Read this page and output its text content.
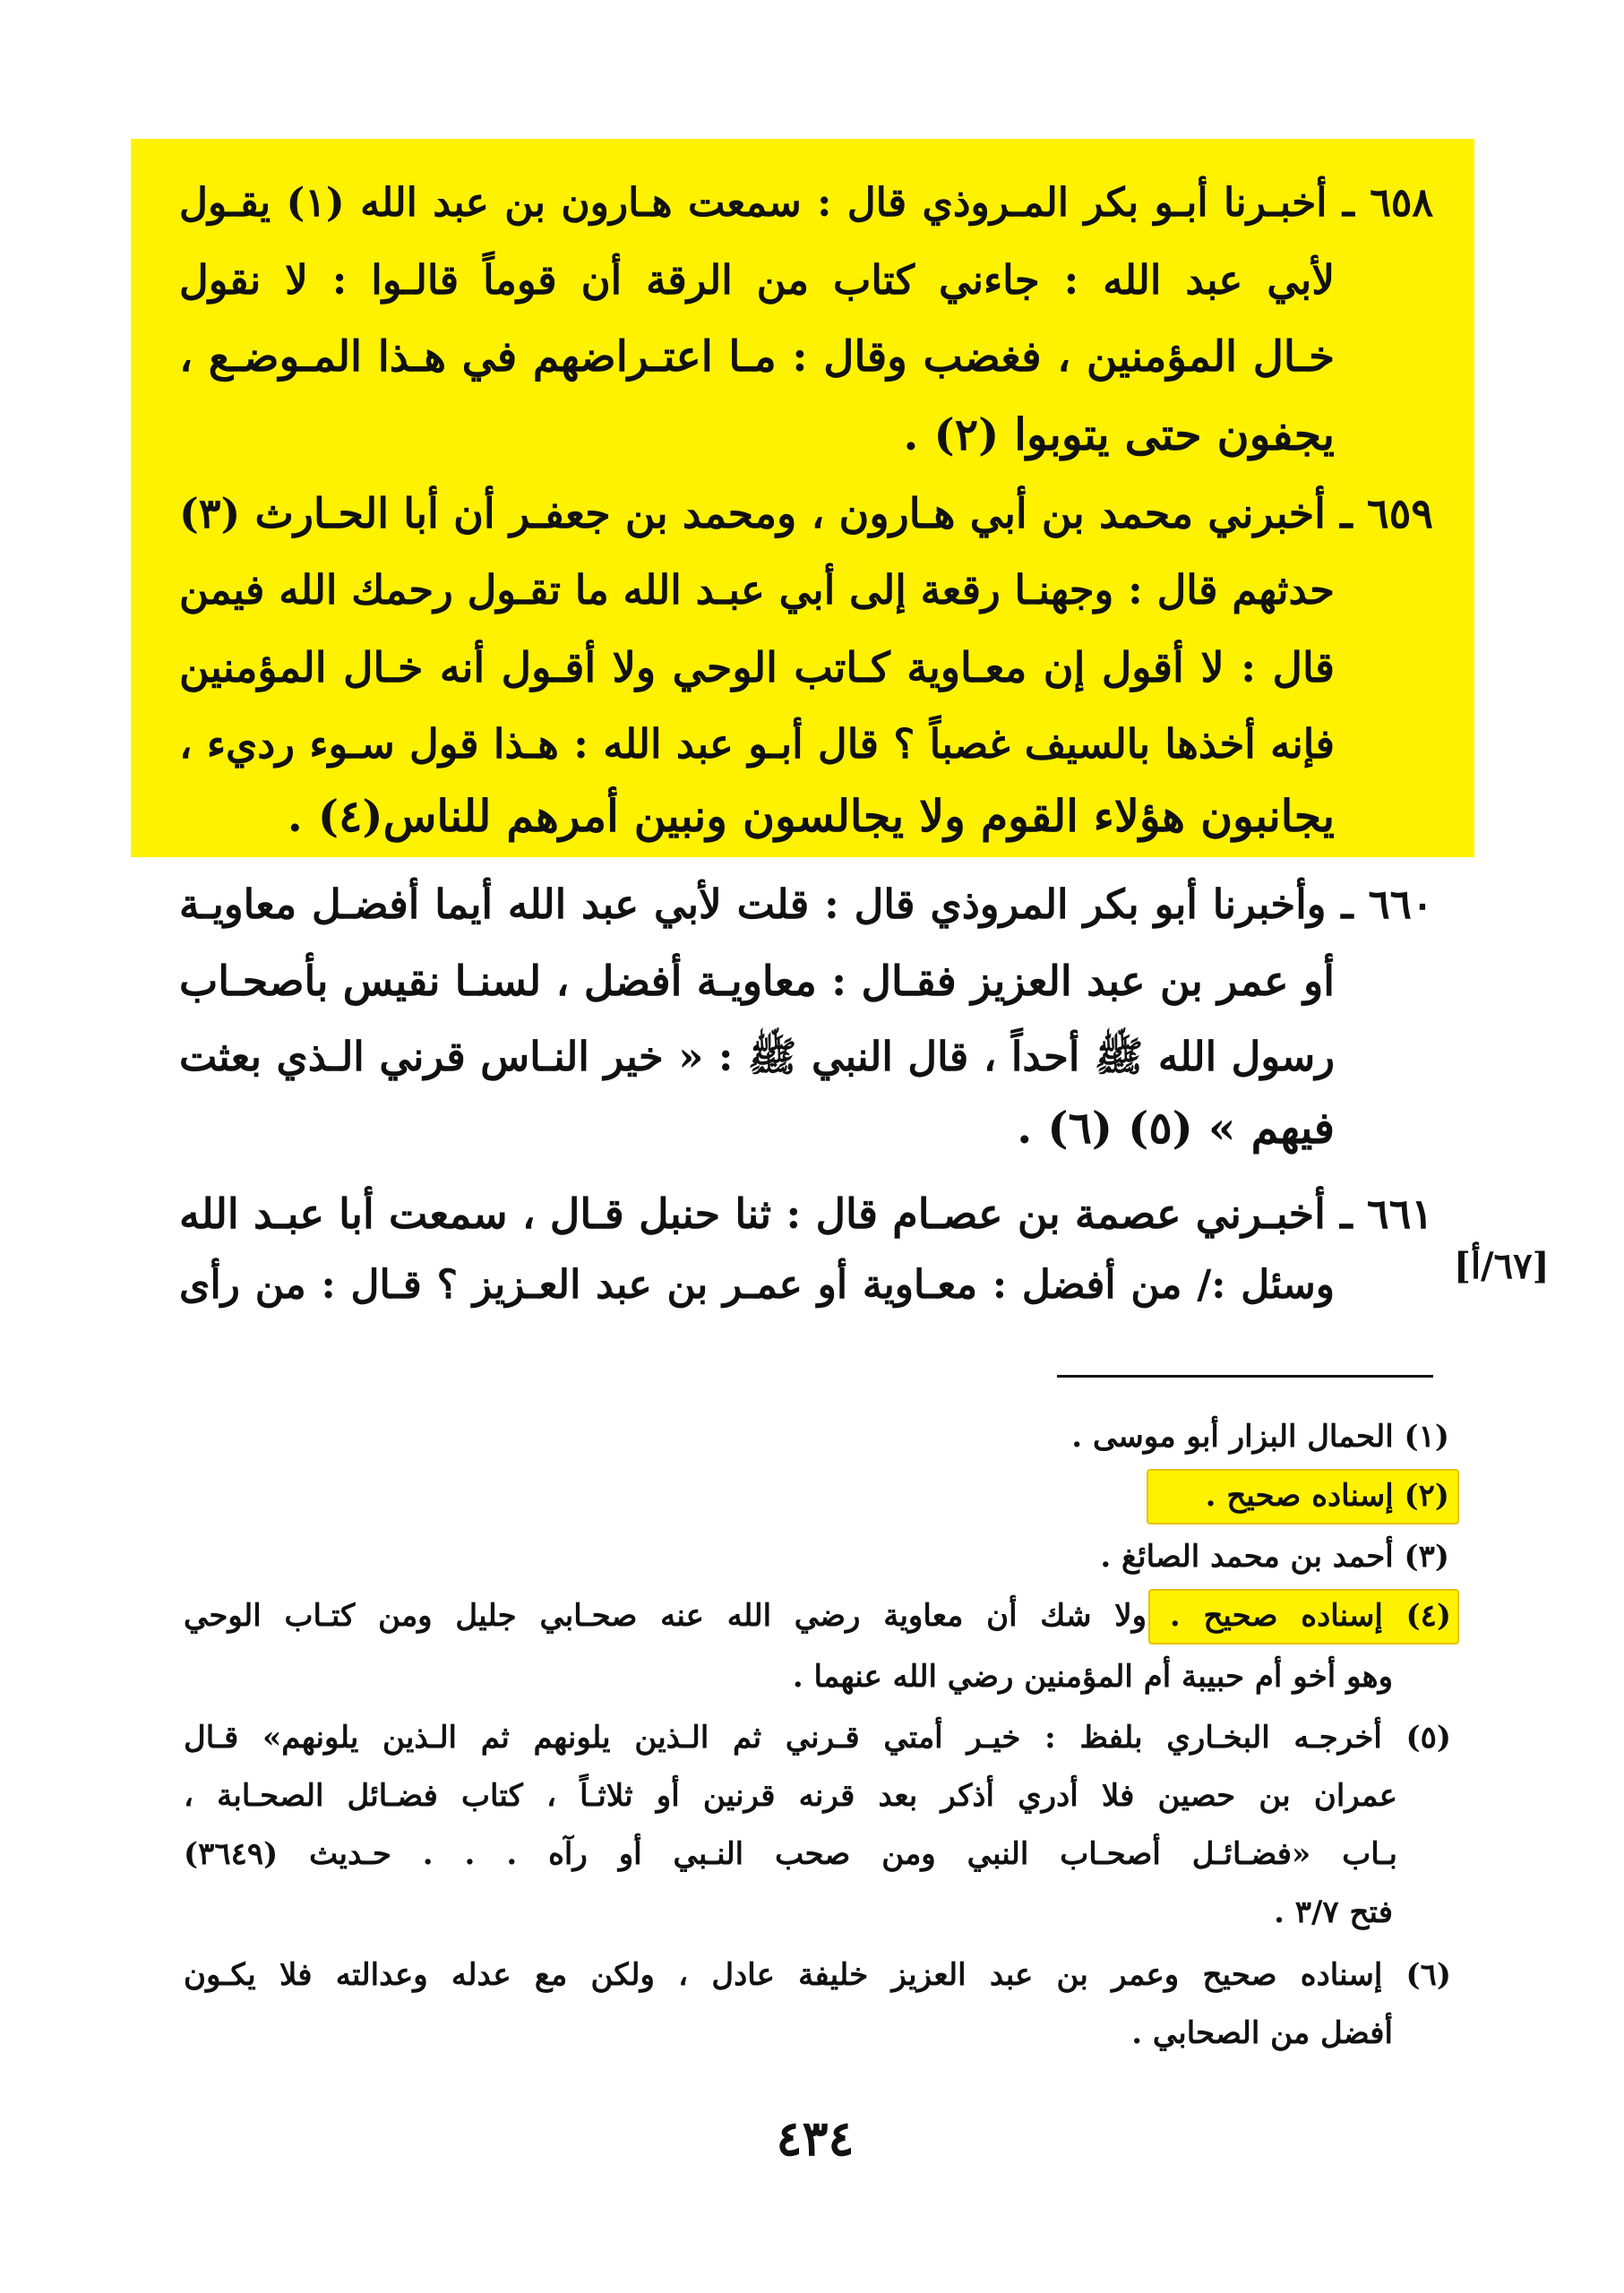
٦٥٨ ـ أخبـرنا أبـو بكر المـروذي قال : سمعت هـارون بن عبد الله (١) يقـول
لأبي عبد الله : جاءني كتاب من الرقة أن قوماً قالـوا : لا نقول
خـال المؤمنين ، فغضب وقال : مـا اعتـراضهم في هـذا المـوضـع ،
يجفون حتى يتوبوا (٢) .
٦٥٩ ـ أخبرني محمد بن أبي هـارون ، ومحمد بن جعفـر أن أبا الحـارث (٣)
حدثهم قال : وجهنـا رقعة إلى أبي عبـد الله ما تقـول رحمك الله فيمن
قال : لا أقول إن معـاوية كـاتب الوحي ولا أقـول أنه خـال المؤمنين
فإنه أخذها بالسيف غصباً ؟ قال أبـو عبد الله : هـذا قول سـوء رديء ،
يجانبون هؤلاء القوم ولا يجالسون ونبين أمرهم للناس(٤) .
٦٦٠ ـ وأخبرنا أبو بكر المروذي قال : قلت لأبي عبد الله أيما أفضـل معاويـة
أو عمر بن عبد العزيز فقـال : معاويـة أفضل ، لسنـا نقيس بأصحـاب
رسول الله ﷺ أحداً ، قال النبي ﷺ : « خير النـاس قرني الـذي بعثت
فيهم » (٥) (٦) .
٦٦١ ـ أخبـرني عصمة بن عصـام قال : ثنا حنبل قـال ، سمعت أبا عبـد الله
وسئل :/ من أفضل : معـاوية أو عمـر بن عبد العـزيز ؟ قـال : من رأى	[٦٧/أ]
(١) الحمال البزار أبو موسى .
(٢) إسناده صحيح .
(٣) أحمد بن محمد الصائغ .
(٤) إسناده صحيح . ولا شك أن معاوية رضي الله عنه صحـابي جليل ومن كتـاب الوحي
وهو أخو أم حبيبة أم المؤمنين رضي الله عنهما .
(٥) أخرجـه البخـاري بلفظ : خيـر أمتي قـرني ثم الـذين يلونهم ثم الـذين يلونهم» قـال
عمران بن حصين فلا أدري أذكر بعد قرنه قرنين أو ثلاثـاً ، كتاب فضـائل الصحـابة ،
بـاب «فضـائـل أصحـاب النبي ومن صحب النـبي أو رآه . . . حـديث (٣٦٤٩)
فتح ٣/٧ .
(٦) إسناده صحيح وعمر بن عبد العزيز خليفة عادل ، ولكن مع عدله وعدالته فلا يكـون
أفضل من الصحابي .
٤٣٤
